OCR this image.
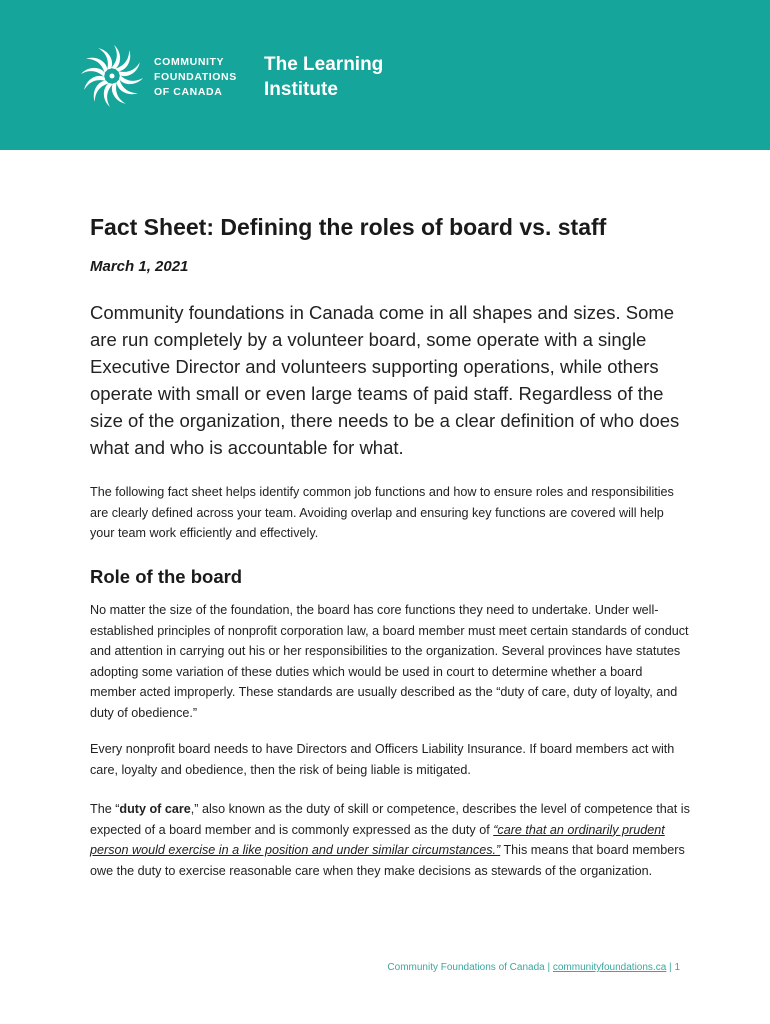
COMMUNITY
FOUNDATIONS
OF CANADA
The Learning
Institute
Fact Sheet: Defining the roles of board vs. staff

March 1, 2021

Community foundations in Canada come in all shapes and sizes. Some are run completely by a volunteer board, some operate with a single Executive Director and volunteers supporting operations, while others operate with small or even large teams of paid staff. Regardless of the size of the organization, there needs to be a clear definition of who does what and who is accountable for what.

The following fact sheet helps identify common job functions and how to ensure roles and responsibilities are clearly defined across your team. Avoiding overlap and ensuring key functions are covered will help your team work efficiently and effectively.

Role of the board

No matter the size of the foundation, the board has core functions they need to undertake. Under well-established principles of nonprofit corporation law, a board member must meet certain standards of conduct and attention in carrying out his or her responsibilities to the organization. Several provinces have statutes adopting some variation of these duties which would be used in court to determine whether a board member acted improperly. These standards are usually described as the “duty of care, duty of loyalty, and duty of obedience.”

Every nonprofit board needs to have Directors and Officers Liability Insurance. If board members act with care, loyalty and obedience, then the risk of being liable is mitigated.

The “duty of care,” also known as the duty of skill or competence, describes the level of competence that is expected of a board member and is commonly expressed as the duty of “care that an ordinarily prudent person would exercise in a like position and under similar circumstances.” This means that board members owe the duty to exercise reasonable care when they make decisions as stewards of the organization.

Community Foundations of Canada | communityfoundations.ca | 1
